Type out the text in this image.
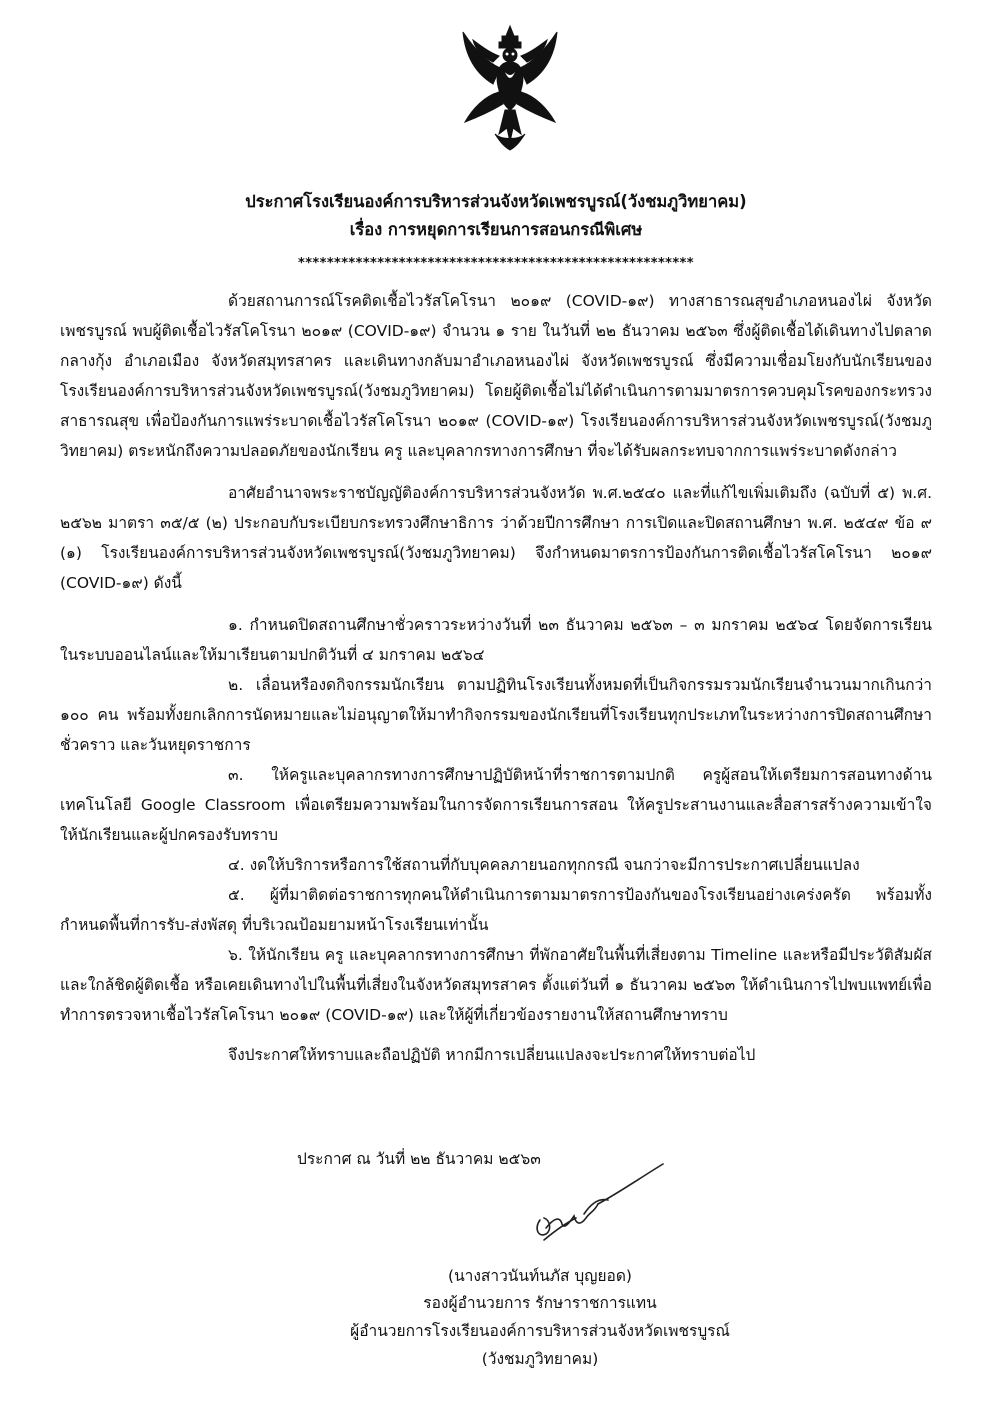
ประกาศโรงเรียนองค์การบริหารส่วนจังหวัดเพชรบูรณ์(วังชมภูวิทยาคม)
เรื่อง การหยุดการเรียนการสอนกรณีพิเศษ
*******************************************************

ด้วยสถานการณ์โรคติดเชื้อไวรัสโคโรนา ๒๐๑๙ (COVID-๑๙) ทางสาธารณสุขอำเภอหนองไผ่ จังหวัดเพชรบูรณ์ พบผู้ติดเชื้อไวรัสโคโรนา ๒๐๑๙ (COVID-๑๙) จำนวน ๑ ราย ในวันที่ ๒๒ ธันวาคม ๒๕๖๓ ซึ่งผู้ติดเชื้อได้เดินทางไปตลาดกลางกุ้ง อำเภอเมือง จังหวัดสมุทรสาคร และเดินทางกลับมาอำเภอหนองไผ่ จังหวัดเพชรบูรณ์ ซึ่งมีความเชื่อมโยงกับนักเรียนของโรงเรียนองค์การบริหารส่วนจังหวัดเพชรบูรณ์(วังชมภูวิทยาคม) โดยผู้ติดเชื้อไม่ได้ดำเนินการตามมาตรการควบคุมโรคของกระทรวงสาธารณสุข เพื่อป้องกันการแพร่ระบาดเชื้อไวรัสโคโรนา ๒๐๑๙ (COVID-๑๙) โรงเรียนองค์การบริหารส่วนจังหวัดเพชรบูรณ์(วังชมภูวิทยาคม) ตระหนักถึงความปลอดภัยของนักเรียน ครู และบุคลากรทางการศึกษา ที่จะได้รับผลกระทบจากการแพร่ระบาดดังกล่าว

อาศัยอำนาจพระราชบัญญัติองค์การบริหารส่วนจังหวัด พ.ศ.๒๕๔๐ และที่แก้ไขเพิ่มเติมถึง (ฉบับที่ ๕) พ.ศ. ๒๕๖๒ มาตรา ๓๕/๕ (๒) ประกอบกับระเบียบกระทรวงศึกษาธิการ ว่าด้วยปีการศึกษา การเปิดและปิดสถานศึกษา พ.ศ. ๒๕๔๙ ข้อ ๙ (๑) โรงเรียนองค์การบริหารส่วนจังหวัดเพชรบูรณ์(วังชมภูวิทยาคม) จึงกำหนดมาตรการป้องกันการติดเชื้อไวรัสโคโรนา ๒๐๑๙ (COVID-๑๙) ดังนี้

๑. กำหนดปิดสถานศึกษาชั่วคราวระหว่างวันที่ ๒๓ ธันวาคม ๒๕๖๓ – ๓ มกราคม ๒๕๖๔ โดยจัดการเรียนในระบบออนไลน์และให้มาเรียนตามปกติวันที่ ๔ มกราคม ๒๕๖๔

๒. เลื่อนหรืองดกิจกรรมนักเรียน ตามปฏิทินโรงเรียนทั้งหมดที่เป็นกิจกรรมรวมนักเรียนจำนวนมากเกินกว่า ๑๐๐ คน พร้อมทั้งยกเลิกการนัดหมายและไม่อนุญาตให้มาทำกิจกรรมของนักเรียนที่โรงเรียนทุกประเภทในระหว่างการปิดสถานศึกษาชั่วคราว และวันหยุดราชการ

๓. ให้ครูและบุคลากรทางการศึกษาปฏิบัติหน้าที่ราชการตามปกติ ครูผู้สอนให้เตรียมการสอนทางด้านเทคโนโลยี Google Classroom เพื่อเตรียมความพร้อมในการจัดการเรียนการสอน ให้ครูประสานงานและสื่อสารสร้างความเข้าใจให้นักเรียนและผู้ปกครองรับทราบ

๔. งดให้บริการหรือการใช้สถานที่กับบุคคลภายนอกทุกกรณี จนกว่าจะมีการประกาศเปลี่ยนแปลง

๕. ผู้ที่มาติดต่อราชการทุกคนให้ดำเนินการตามมาตรการป้องกันของโรงเรียนอย่างเคร่งครัด พร้อมทั้งกำหนดพื้นที่การรับ-ส่งพัสดุ ที่บริเวณป้อมยามหน้าโรงเรียนเท่านั้น

๖. ให้นักเรียน ครู และบุคลากรทางการศึกษา ที่พักอาศัยในพื้นที่เสี่ยงตาม Timeline และหรือมีประวัติสัมผัสและใกล้ชิดผู้ติดเชื้อ หรือเคยเดินทางไปในพื้นที่เสี่ยงในจังหวัดสมุทรสาคร ตั้งแต่วันที่ ๑ ธันวาคม ๒๕๖๓ ให้ดำเนินการไปพบแพทย์เพื่อทำการตรวจหาเชื้อไวรัสโคโรนา ๒๐๑๙ (COVID-๑๙) และให้ผู้ที่เกี่ยวข้องรายงานให้สถานศึกษาทราบ

จึงประกาศให้ทราบและถือปฏิบัติ หากมีการเปลี่ยนแปลงจะประกาศให้ทราบต่อไป

ประกาศ ณ วันที่ ๒๒ ธันวาคม ๒๕๖๓
(นางสาวนันท์นภัส บุญยอด)
รองผู้อำนวยการ รักษาราชการแทน
ผู้อำนวยการโรงเรียนองค์การบริหารส่วนจังหวัดเพชรบูรณ์
(วังชมภูวิทยาคม)
